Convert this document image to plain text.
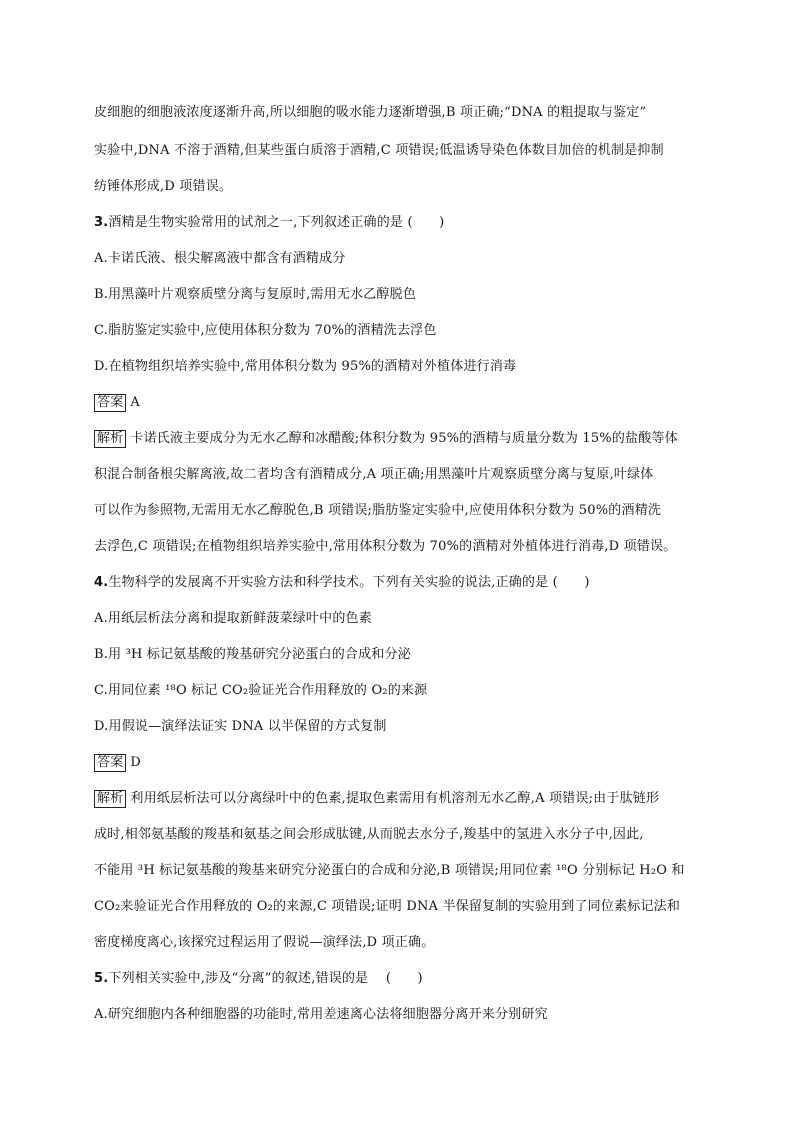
皮细胞的细胞液浓度逐渐升高,所以细胞的吸水能力逐渐增强,B 项正确;“DNA 的粗提取与鉴定”
实验中,DNA 不溶于酒精,但某些蛋白质溶于酒精,C 项错误;低温诱导染色体数目加倍的机制是抑制
纺锤体形成,D 项错误。
3.酒精是生物实验常用的试剂之一,下列叙述正确的是 (　　)
A.卡诺氏液、根尖解离液中都含有酒精成分
B.用黑藻叶片观察质壁分离与复原时,需用无水乙醇脱色
C.脂肪鉴定实验中,应使用体积分数为 70%的酒精洗去浮色
D.在植物组织培养实验中,常用体积分数为 95%的酒精对外植体进行消毒
答案 A
解析 卡诺氏液主要成分为无水乙醇和冰醋酸;体积分数为 95%的酒精与质量分数为 15%的盐酸等体
积混合制备根尖解离液,故二者均含有酒精成分,A 项正确;用黑藻叶片观察质壁分离与复原,叶绿体
可以作为参照物,无需用无水乙醇脱色,B 项错误;脂肪鉴定实验中,应使用体积分数为 50%的酒精洗
去浮色,C 项错误;在植物组织培养实验中,常用体积分数为 70%的酒精对外植体进行消毒,D 项错误。
4.生物科学的发展离不开实验方法和科学技术。下列有关实验的说法,正确的是 (　　)
A.用纸层析法分离和提取新鲜菠菜绿叶中的色素
B.用 ³H 标记氨基酸的羧基研究分泌蛋白的合成和分泌
C.用同位素 ¹⁸O 标记 CO₂验证光合作用释放的 O₂的来源
D.用假说—演绎法证实 DNA 以半保留的方式复制
答案 D
解析 利用纸层析法可以分离绿叶中的色素,提取色素需用有机溶剂无水乙醇,A 项错误;由于肽链形
成时,相邻氨基酸的羧基和氨基之间会形成肽键,从而脱去水分子,羧基中的氢进入水分子中,因此,
不能用 ³H 标记氨基酸的羧基来研究分泌蛋白的合成和分泌,B 项错误;用同位素 ¹⁸O 分别标记 H₂O 和
CO₂来验证光合作用释放的 O₂的来源,C 项错误;证明 DNA 半保留复制的实验用到了同位素标记法和
密度梯度离心,该探究过程运用了假说—演绎法,D 项正确。
5.下列相关实验中,涉及“分离”的叙述,错误的是　 (　　)
A.研究细胞内各种细胞器的功能时,常用差速离心法将细胞器分离开来分别研究
